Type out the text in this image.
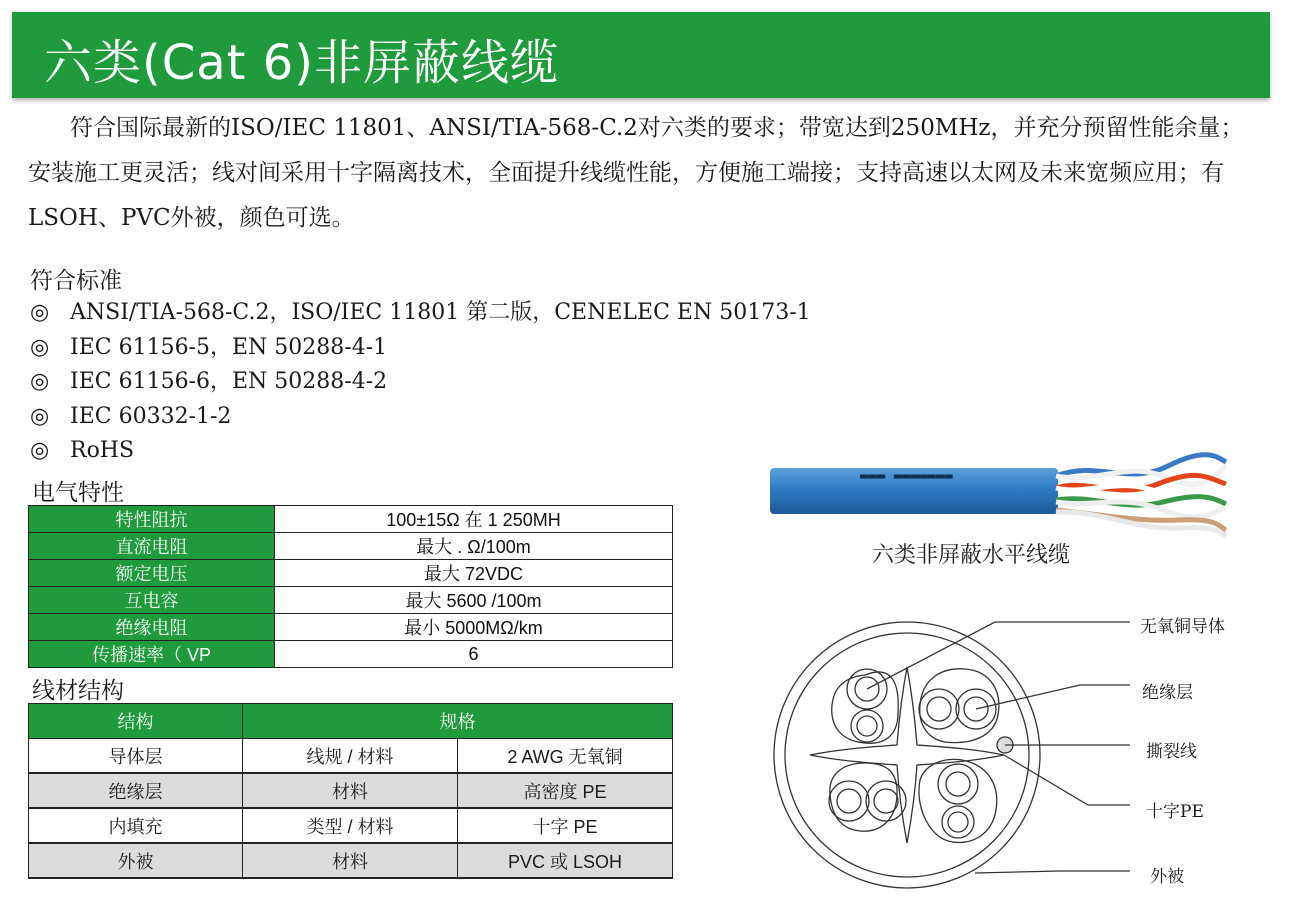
六类(Cat 6)非屏蔽线缆

符合国际最新的ISO/IEC 11801、ANSI/TIA-568-C.2对六类的要求；带宽达到250MHz，并充分预留性能余量；安装施工更灵活；线对间采用十字隔离技术，全面提升线缆性能，方便施工端接；支持高速以太网及未来宽频应用；有LSOH、PVC外被，颜色可选。

符合标准
◎ ANSI/TIA-568-C.2，ISO/IEC 11801 第二版，CENELEC EN 50173-1
◎ IEC 61156-5，EN 50288-4-1
◎ IEC 61156-6，EN 50288-4-2
◎ IEC 60332-1-2
◎ RoHS
电气特性
特性阻抗	100±15Ω 在 1 250MH
直流电阻	最大 . Ω/100m
额定电压	最大 72VDC
互电容	最大 5600 /100m
绝缘电阻	最小 5000MΩ/km
传播速率（ VP	6
线材结构
结构	规格	
导体层	线规 / 材料	2 AWG 无氧铜
绝缘层	材料	高密度 PE
内填充	类型 / 材料	十字 PE
外被	材料	PVC 或 LSOH
▬▬▬ ▬▬▬▬▬▬▬
六类非屏蔽水平线缆
无氧铜导体
绝缘层
撕裂线
十字PE
外被
